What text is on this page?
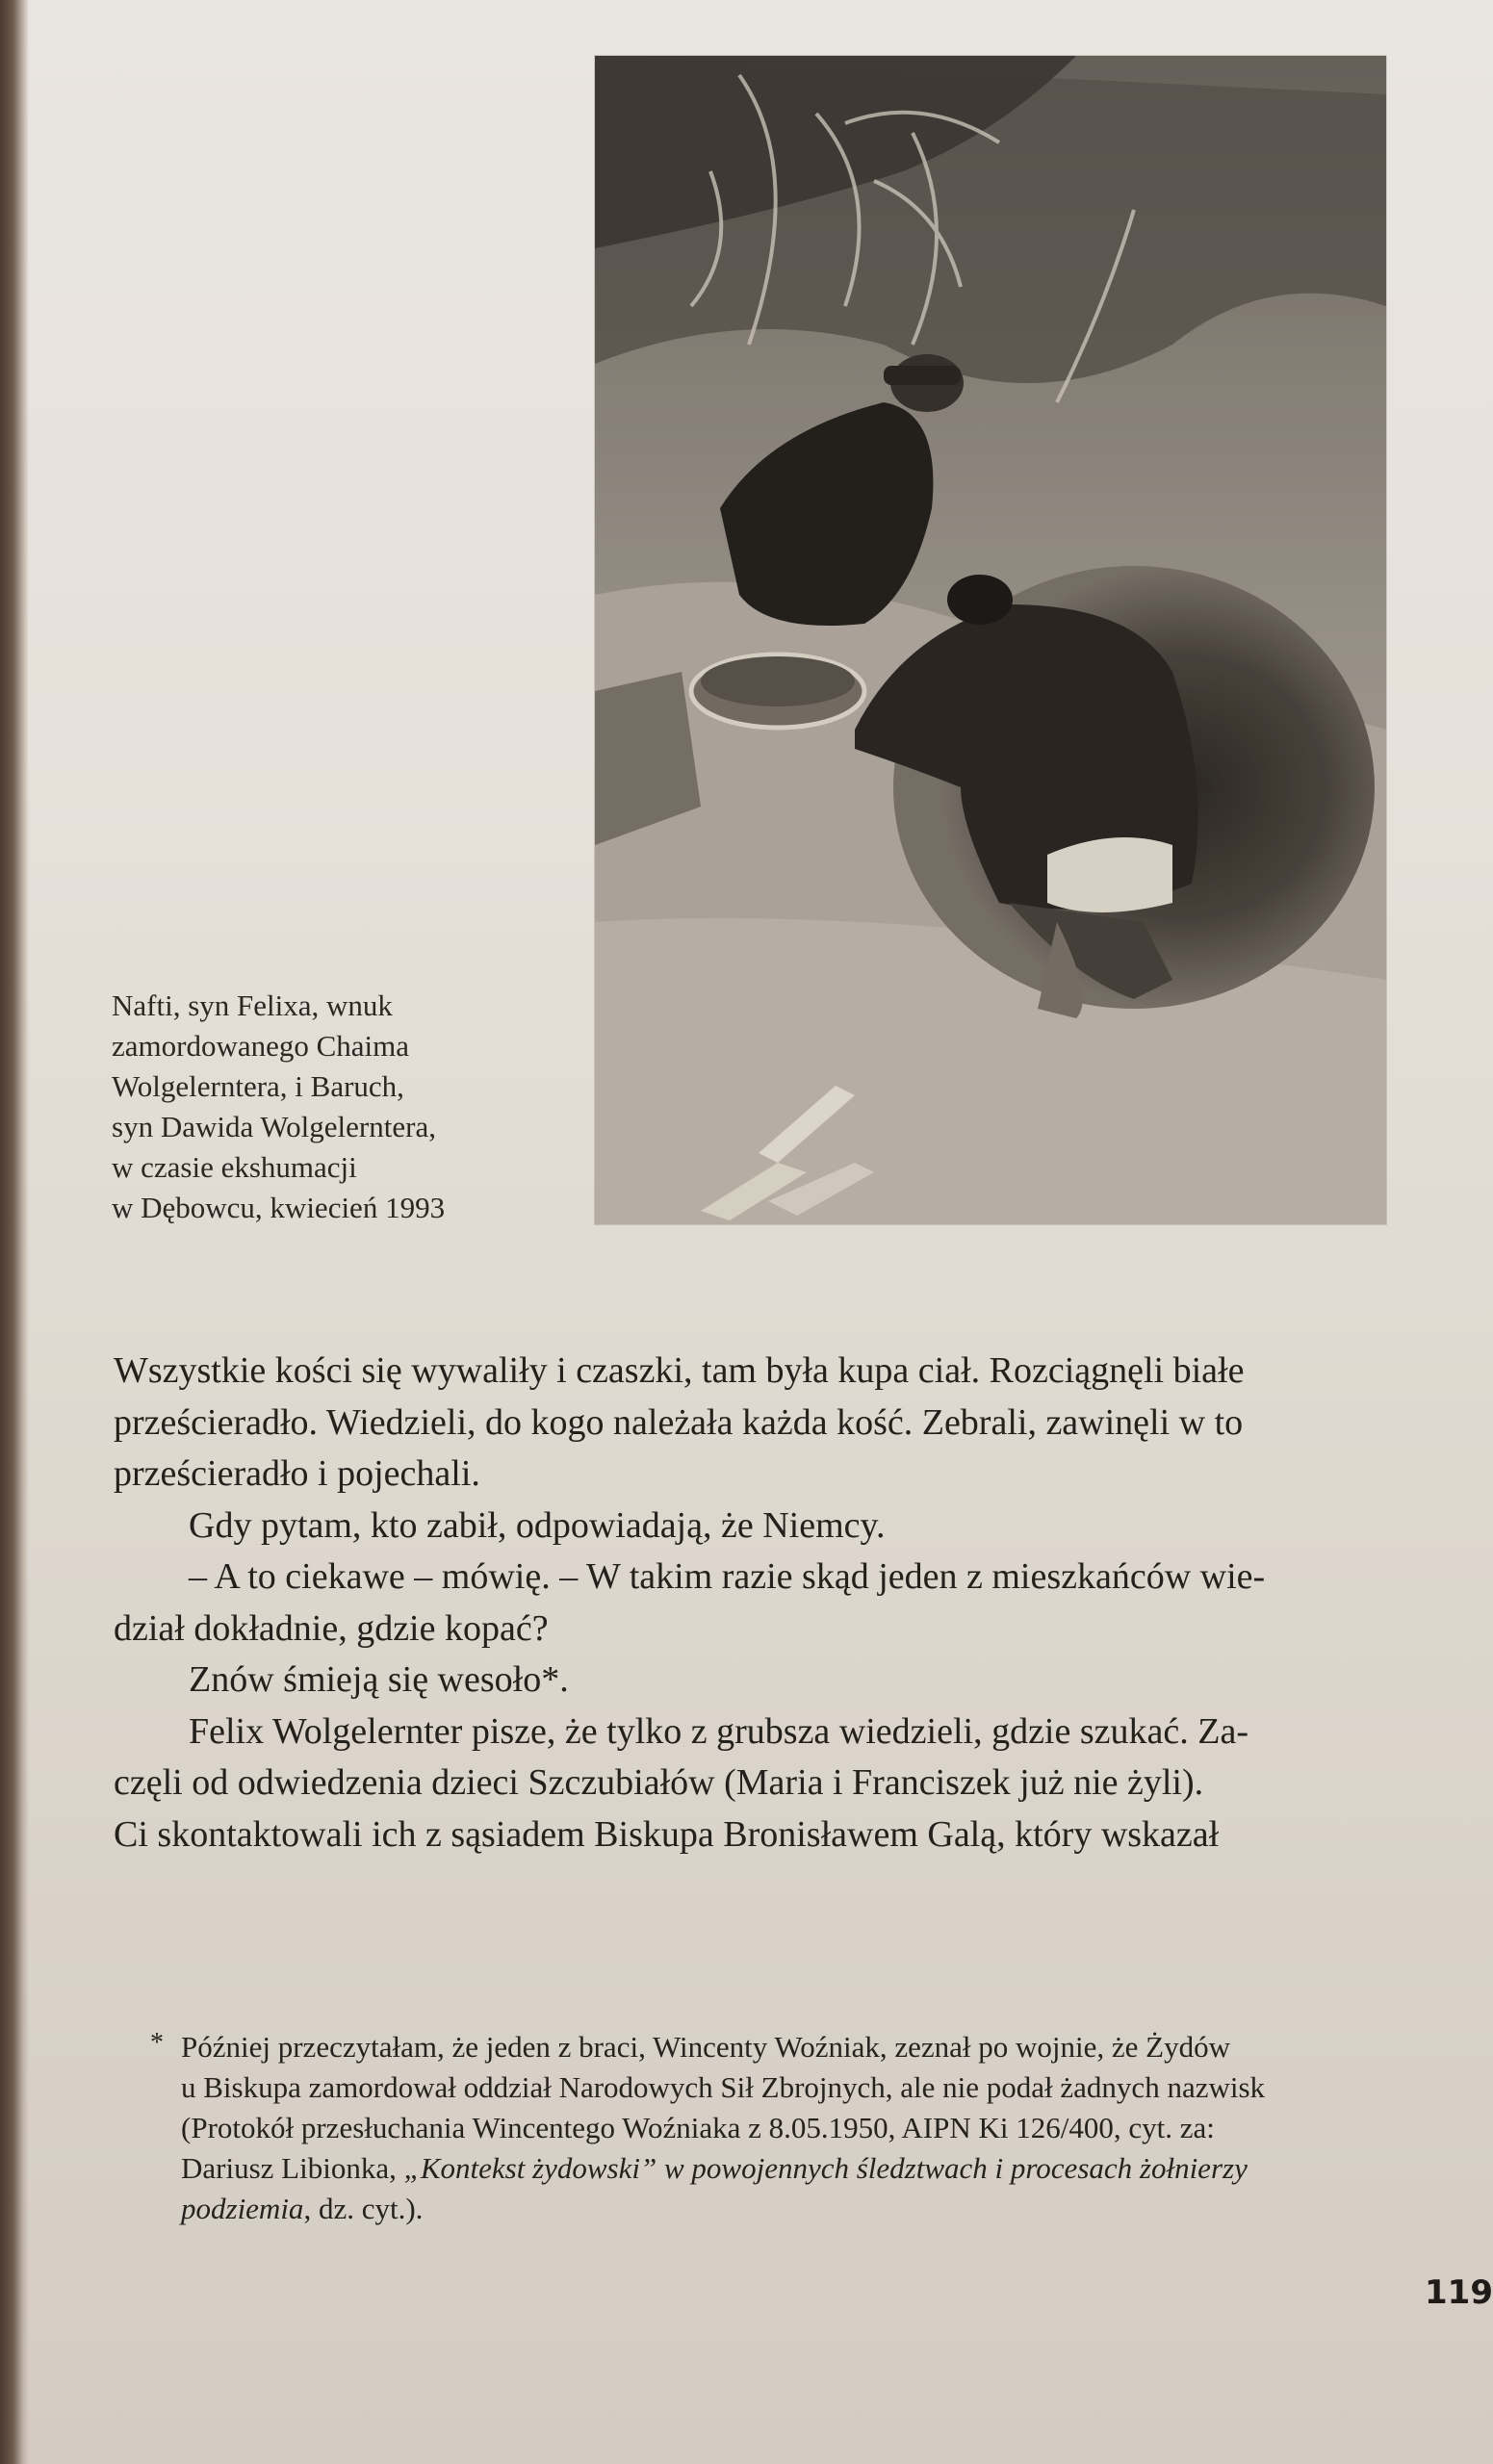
Nafti, syn Felixa, wnuk
zamordowanego Chaima
Wolgelerntera, i Baruch,
syn Dawida Wolgelerntera,
w czasie ekshumacji
w Dębowcu, kwiecień 1993
Wszystkie kości się wywaliły i czaszki, tam była kupa ciał. Rozciągnęli białe
prześcieradło. Wiedzieli, do kogo należała każda kość. Zebrali, zawinęli w to
prześcieradło i pojechali.
Gdy pytam, kto zabił, odpowiadają, że Niemcy.
– A to ciekawe – mówię. – W takim razie skąd jeden z mieszkańców wie-
dział dokładnie, gdzie kopać?
Znów śmieją się wesoło*.
Felix Wolgelernter pisze, że tylko z grubsza wiedzieli, gdzie szukać. Za-
częli od odwiedzenia dzieci Szczubiałów (Maria i Franciszek już nie żyli).
Ci skontaktowali ich z sąsiadem Biskupa Bronisławem Galą, który wskazał
* Później przeczytałam, że jeden z braci, Wincenty Woźniak, zeznał po wojnie, że Żydów
u Biskupa zamordował oddział Narodowych Sił Zbrojnych, ale nie podał żadnych nazwisk
(Protokół przesłuchania Wincentego Woźniaka z 8.05.1950, AIPN Ki 126/400, cyt. za:
Dariusz Libionka, „Kontekst żydowski” w powojennych śledztwach i procesach żołnierzy
podziemia, dz. cyt.).
119
